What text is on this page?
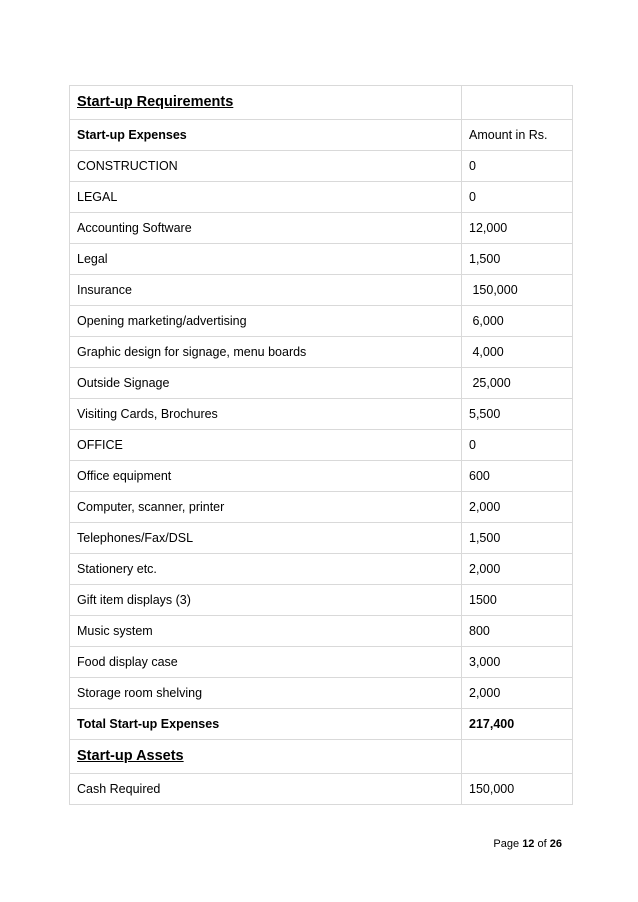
Start-up Requirements	
Start-up Expenses	Amount in Rs.
CONSTRUCTION	0
LEGAL	0
Accounting Software	12,000
Legal	1,500
Insurance	150,000
Opening marketing/advertising	6,000
Graphic design for signage, menu boards	4,000
Outside Signage	25,000
Visiting Cards, Brochures	5,500
OFFICE	0
Office equipment	600
Computer, scanner, printer	2,000
Telephones/Fax/DSL	1,500
Stationery etc.	2,000
Gift item displays (3)	1500
Music system	800
Food display case	3,000
Storage room shelving	2,000
Total Start-up Expenses	217,400
Start-up Assets	
Cash Required	150,000
Page 12 of 26
